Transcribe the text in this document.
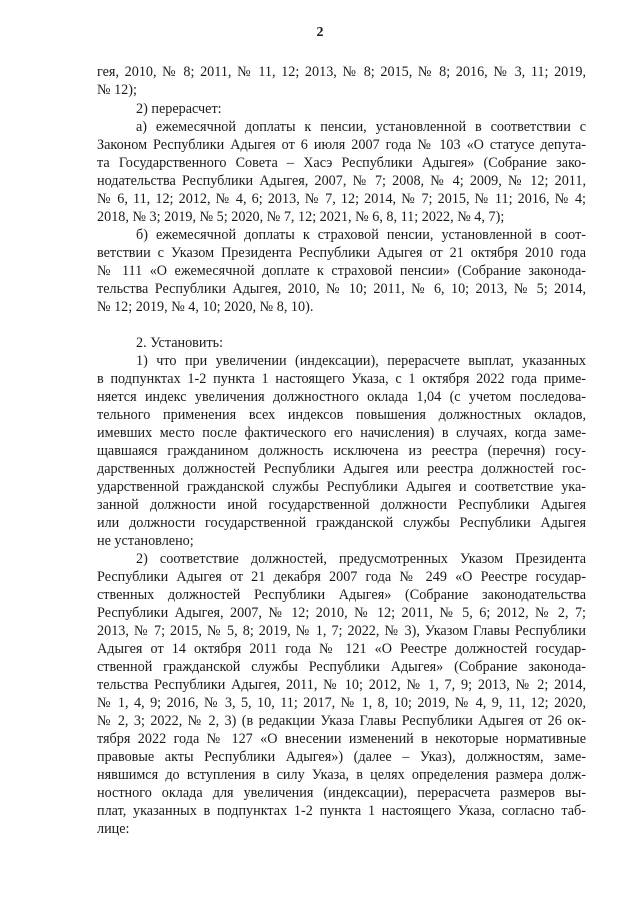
2
гея, 2010, № 8; 2011, № 11, 12; 2013, № 8; 2015, № 8; 2016, № 3, 11; 2019,
№ 12);
2) перерасчет:
а) ежемесячной доплаты к пенсии, установленной в соответствии с
Законом Республики Адыгея от 6 июля 2007 года № 103 «О статусе депута-
та Государственного Совета – Хасэ Республики Адыгея» (Собрание зако-
нодательства Республики Адыгея, 2007, № 7; 2008, № 4; 2009, № 12; 2011,
№ 6, 11, 12; 2012, № 4, 6; 2013, № 7, 12; 2014, № 7; 2015, № 11; 2016, № 4;
2018, № 3; 2019, № 5; 2020, № 7, 12; 2021, № 6, 8, 11; 2022, № 4, 7);
б) ежемесячной доплаты к страховой пенсии, установленной в соот-
ветствии с Указом Президента Республики Адыгея от 21 октября 2010 года
№ 111 «О ежемесячной доплате к страховой пенсии» (Собрание законода-
тельства Республики Адыгея, 2010, № 10; 2011, № 6, 10; 2013, № 5; 2014,
№ 12; 2019, № 4, 10; 2020, № 8, 10).
2. Установить:
1) что при увеличении (индексации), перерасчете выплат, указанных
в подпунктах 1-2 пункта 1 настоящего Указа, с 1 октября 2022 года приме-
няется индекс увеличения должностного оклада 1,04 (с учетом последова-
тельного применения всех индексов повышения должностных окладов,
имевших место после фактического его начисления) в случаях, когда заме-
щавшаяся гражданином должность исключена из реестра (перечня) госу-
дарственных должностей Республики Адыгея или реестра должностей гос-
ударственной гражданской службы Республики Адыгея и соответствие ука-
занной должности иной государственной должности Республики Адыгея
или должности государственной гражданской службы Республики Адыгея
не установлено;
2) соответствие должностей, предусмотренных Указом Президента
Республики Адыгея от 21 декабря 2007 года № 249 «О Реестре государ-
ственных должностей Республики Адыгея» (Собрание законодательства
Республики Адыгея, 2007, № 12; 2010, № 12; 2011, № 5, 6; 2012, № 2, 7;
2013, № 7; 2015, № 5, 8; 2019, № 1, 7; 2022, № 3), Указом Главы Республики
Адыгея от 14 октября 2011 года № 121 «О Реестре должностей государ-
ственной гражданской службы Республики Адыгея» (Собрание законода-
тельства Республики Адыгея, 2011, № 10; 2012, № 1, 7, 9; 2013, № 2; 2014,
№ 1, 4, 9; 2016, № 3, 5, 10, 11; 2017, № 1, 8, 10; 2019, № 4, 9, 11, 12; 2020,
№ 2, 3; 2022, № 2, 3) (в редакции Указа Главы Республики Адыгея от 26 ок-
тября 2022 года № 127 «О внесении изменений в некоторые нормативные
правовые акты Республики Адыгея») (далее – Указ), должностям, заме-
нявшимся до вступления в силу Указа, в целях определения размера долж-
ностного оклада для увеличения (индексации), перерасчета размеров вы-
плат, указанных в подпунктах 1-2 пункта 1 настоящего Указа, согласно таб-
лице:
